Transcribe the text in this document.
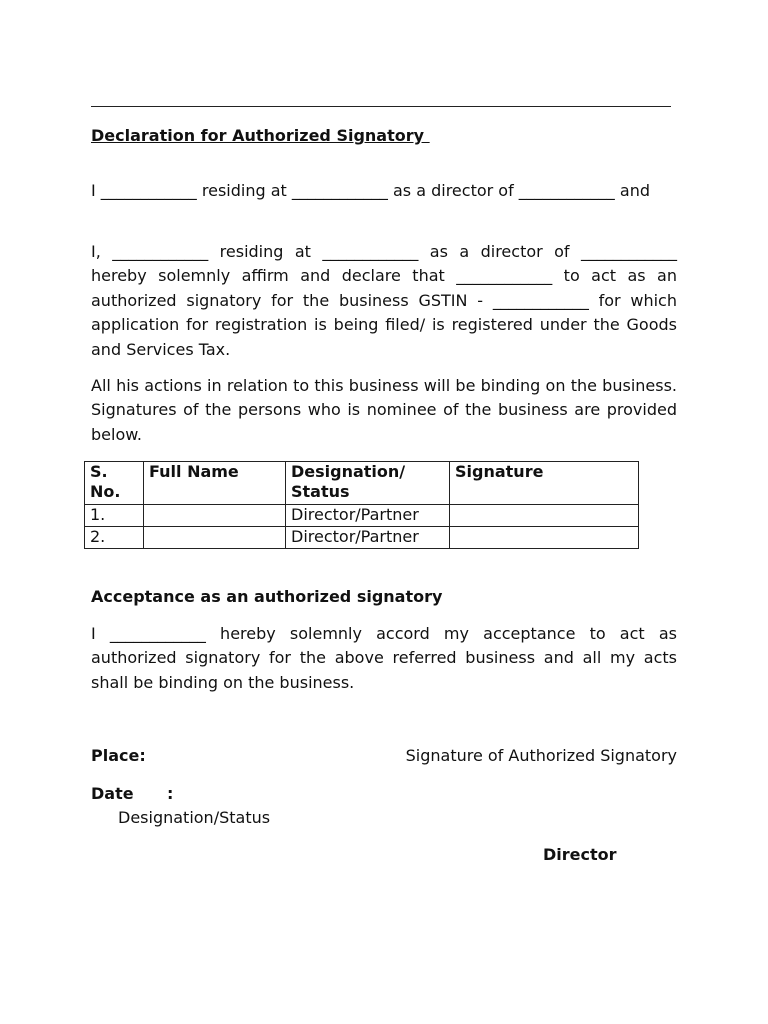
Declaration for Authorized Signatory
I ____________ residing at ____________ as a director of ____________ and
I, ____________ residing at ____________ as a director of ____________ hereby solemnly affirm and declare that ____________ to act as an authorized signatory for the business GSTIN - ____________ for which application for registration is being filed/ is registered under the Goods and Services Tax.
All his actions in relation to this business will be binding on the business. Signatures of the persons who is nominee of the business are provided below.
S. No.	Full Name	Designation/ Status	Signature
1.		Director/Partner	
2.		Director/Partner	
Acceptance as an authorized signatory
I ____________ hereby solemnly accord my acceptance to act as authorized signatory for the above referred business and all my acts shall be binding on the business.
Place:	Signature of Authorized Signatory
Date      :
Designation/Status
Director
